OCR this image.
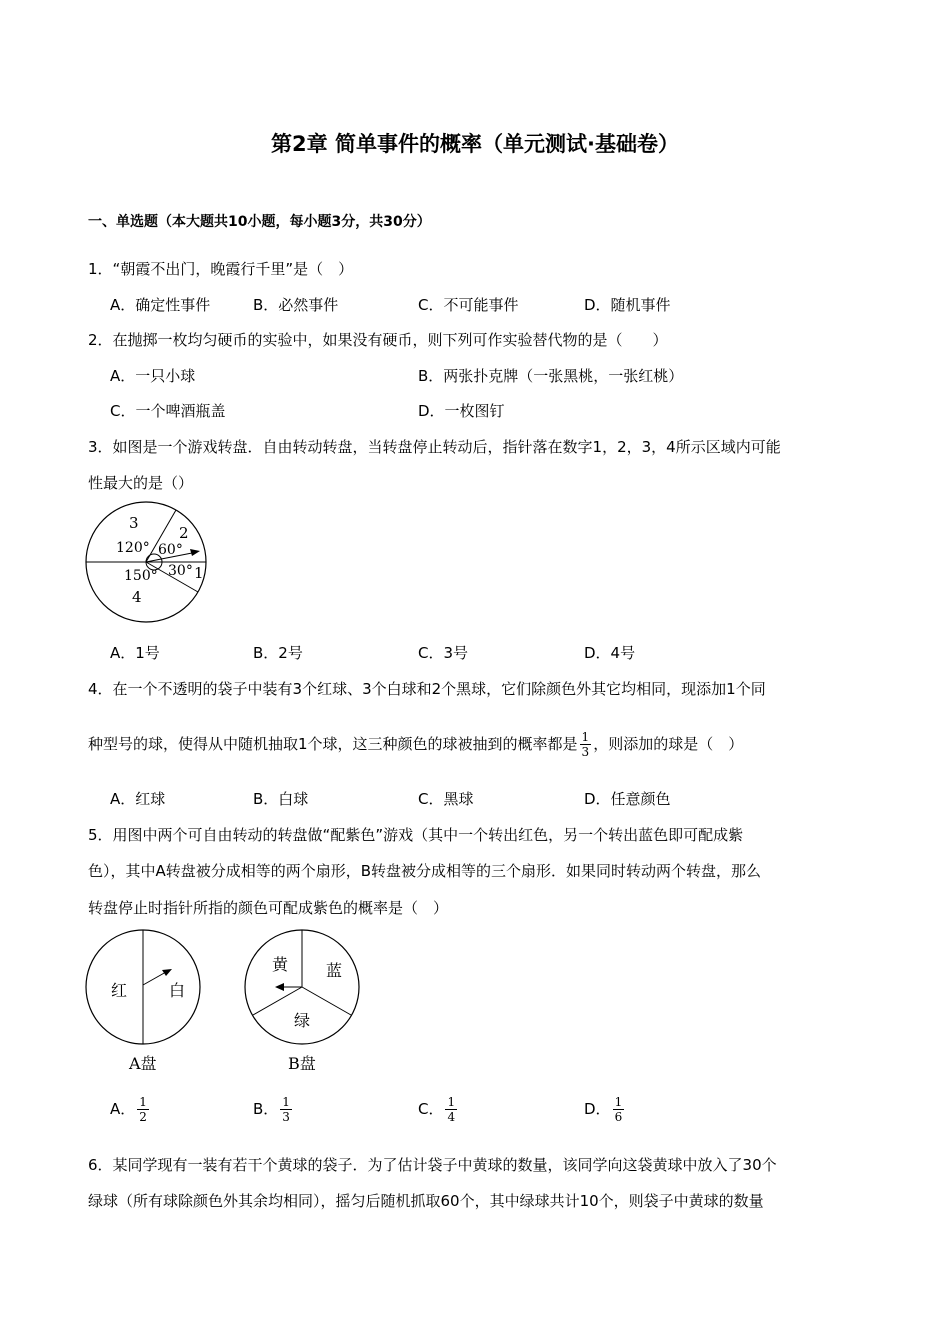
第2章 简单事件的概率（单元测试·基础卷）
一、单选题（本大题共10小题，每小题3分，共30分）
1．“朝霞不出门，晚霞行千里”是（　）
A．确定性事件	B．必然事件	C．不可能事件	D．随机事件
2．在抛掷一枚均匀硬币的实验中，如果没有硬币，则下列可作实验替代物的是（　　）
A．一只小球	B．两张扑克牌（一张黑桃，一张红桃）
C．一个啤酒瓶盖	D．一枚图钉
3．如图是一个游戏转盘．自由转动转盘，当转盘停止转动后，指针落在数字1，2，3，4所示区域内可能
性最大的是（）
3
2
1
4
120° 60°
30°
150°
A．1号	B．2号	C．3号	D．4号
4．在一个不透明的袋子中装有3个红球、3个白球和2个黑球，它们除颜色外其它均相同，现添加1个同
种型号的球，使得从中随机抽取1个球，这三种颜色的球被抽到的概率都是 $\frac{1}{3}$ ，则添加的球是（　）
A．红球	B．白球	C．黑球	D．任意颜色
5．用图中两个可自由转动的转盘做“配紫色”游戏（其中一个转出红色，另一个转出蓝色即可配成紫
色），其中A转盘被分成相等的两个扇形，B转盘被分成相等的三个扇形．如果同时转动两个转盘，那么
转盘停止时指针所指的颜色可配成紫色的概率是（　）
红	白
A盘
黄 蓝
绿
B盘
A． $\frac{1}{2}$	B． $\frac{1}{3}$	C． $\frac{1}{4}$	D． $\frac{1}{6}$
6．某同学现有一装有若干个黄球的袋子．为了估计袋子中黄球的数量，该同学向这袋黄球中放入了30个
绿球（所有球除颜色外其余均相同），摇匀后随机抓取60个，其中绿球共计10个，则袋子中黄球的数量
